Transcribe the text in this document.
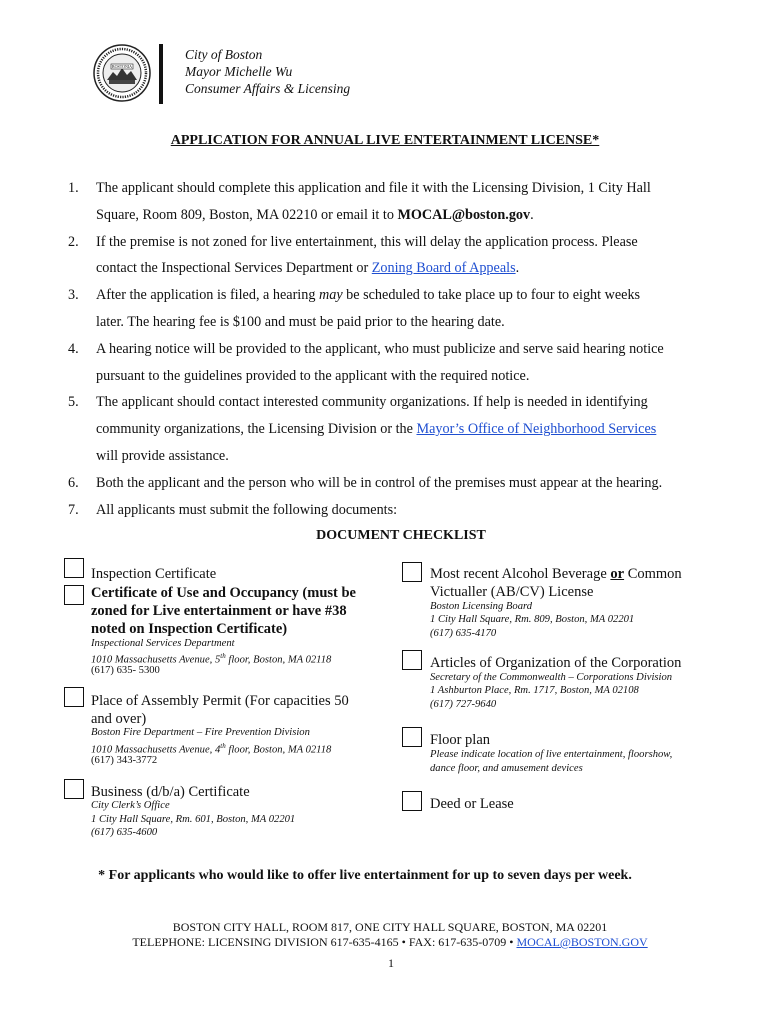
BOSTONIA
City of Boston
Mayor Michelle Wu
Consumer Affairs & Licensing
APPLICATION FOR ANNUAL LIVE ENTERTAINMENT LICENSE*
1. The applicant should complete this application and file it with the Licensing Division, 1 City Hall
Square, Room 809, Boston, MA 02210 or email it to MOCAL@boston.gov.
2. If the premise is not zoned for live entertainment, this will delay the application process. Please
contact the Inspectional Services Department or Zoning Board of Appeals.
3. After the application is filed, a hearing may be scheduled to take place up to four to eight weeks
later. The hearing fee is $100 and must be paid prior to the hearing date.
4. A hearing notice will be provided to the applicant, who must publicize and serve said hearing notice
pursuant to the guidelines provided to the applicant with the required notice.
5. The applicant should contact interested community organizations. If help is needed in identifying
community organizations, the Licensing Division or the Mayor’s Office of Neighborhood Services
will provide assistance.
6. Both the applicant and the person who will be in control of the premises must appear at the hearing.
7. All applicants must submit the following documents:
DOCUMENT CHECKLIST
Inspection Certificate
Certificate of Use and Occupancy (must be
zoned for Live entertainment or have #38
noted on Inspection Certificate)
Inspectional Services Department
1010 Massachusetts Avenue, 5th floor, Boston, MA 02118
(617) 635- 5300
Place of Assembly Permit (For capacities 50
and over)
Boston Fire Department – Fire Prevention Division
1010 Massachusetts Avenue, 4th floor, Boston, MA 02118
(617) 343-3772
Business (d/b/a) Certificate
City Clerk’s Office
1 City Hall Square, Rm. 601, Boston, MA 02201
(617) 635-4600
Most recent Alcohol Beverage or Common
Victualler (AB/CV) License
Boston Licensing Board
1 City Hall Square, Rm. 809, Boston, MA 02201
(617) 635-4170
Articles of Organization of the Corporation
Secretary of the Commonwealth – Corporations Division
1 Ashburton Place, Rm. 1717, Boston, MA 02108
(617) 727-9640
Floor plan
Please indicate location of live entertainment, floorshow,
dance floor, and amusement devices
Deed or Lease
* For applicants who would like to offer live entertainment for up to seven days per week.
BOSTON CITY HALL, ROOM 817, ONE CITY HALL SQUARE, BOSTON, MA 02201
TELEPHONE: LICENSING DIVISION 617-635-4165 • FAX: 617-635-0709 • MOCAL@BOSTON.GOV
1
